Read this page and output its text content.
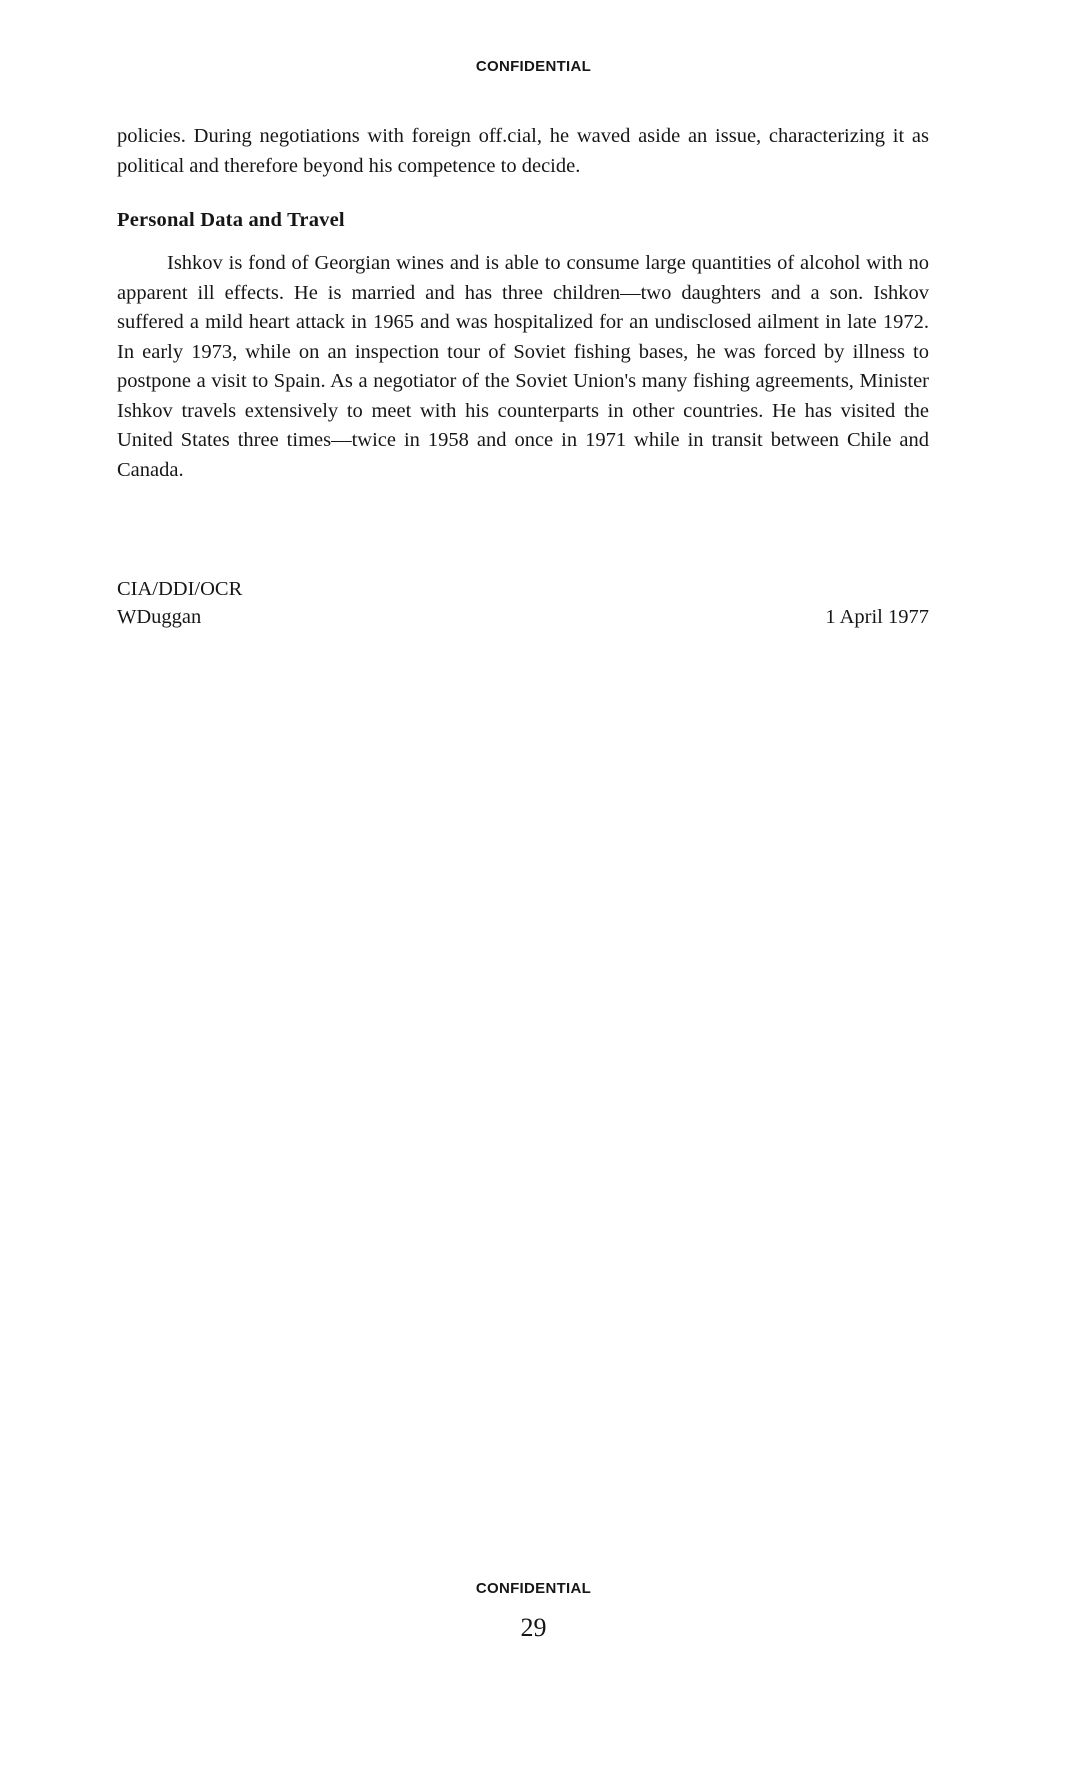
CONFIDENTIAL

policies. During negotiations with foreign off.cial, he waved aside an issue, characterizing it as political and therefore beyond his competence to decide.

Personal Data and Travel

Ishkov is fond of Georgian wines and is able to consume large quantities of alcohol with no apparent ill effects. He is married and has three children—two daughters and a son. Ishkov suffered a mild heart attack in 1965 and was hospitalized for an undisclosed ailment in late 1972. In early 1973, while on an inspection tour of Soviet fishing bases, he was forced by illness to postpone a visit to Spain. As a negotiator of the Soviet Union's many fishing agreements, Minister Ishkov travels extensively to meet with his counterparts in other countries. He has visited the United States three times—twice in 1958 and once in 1971 while in transit between Chile and Canada.

CIA/DDI/OCR
WDuggan	1 April 1977
CONFIDENTIAL
29
